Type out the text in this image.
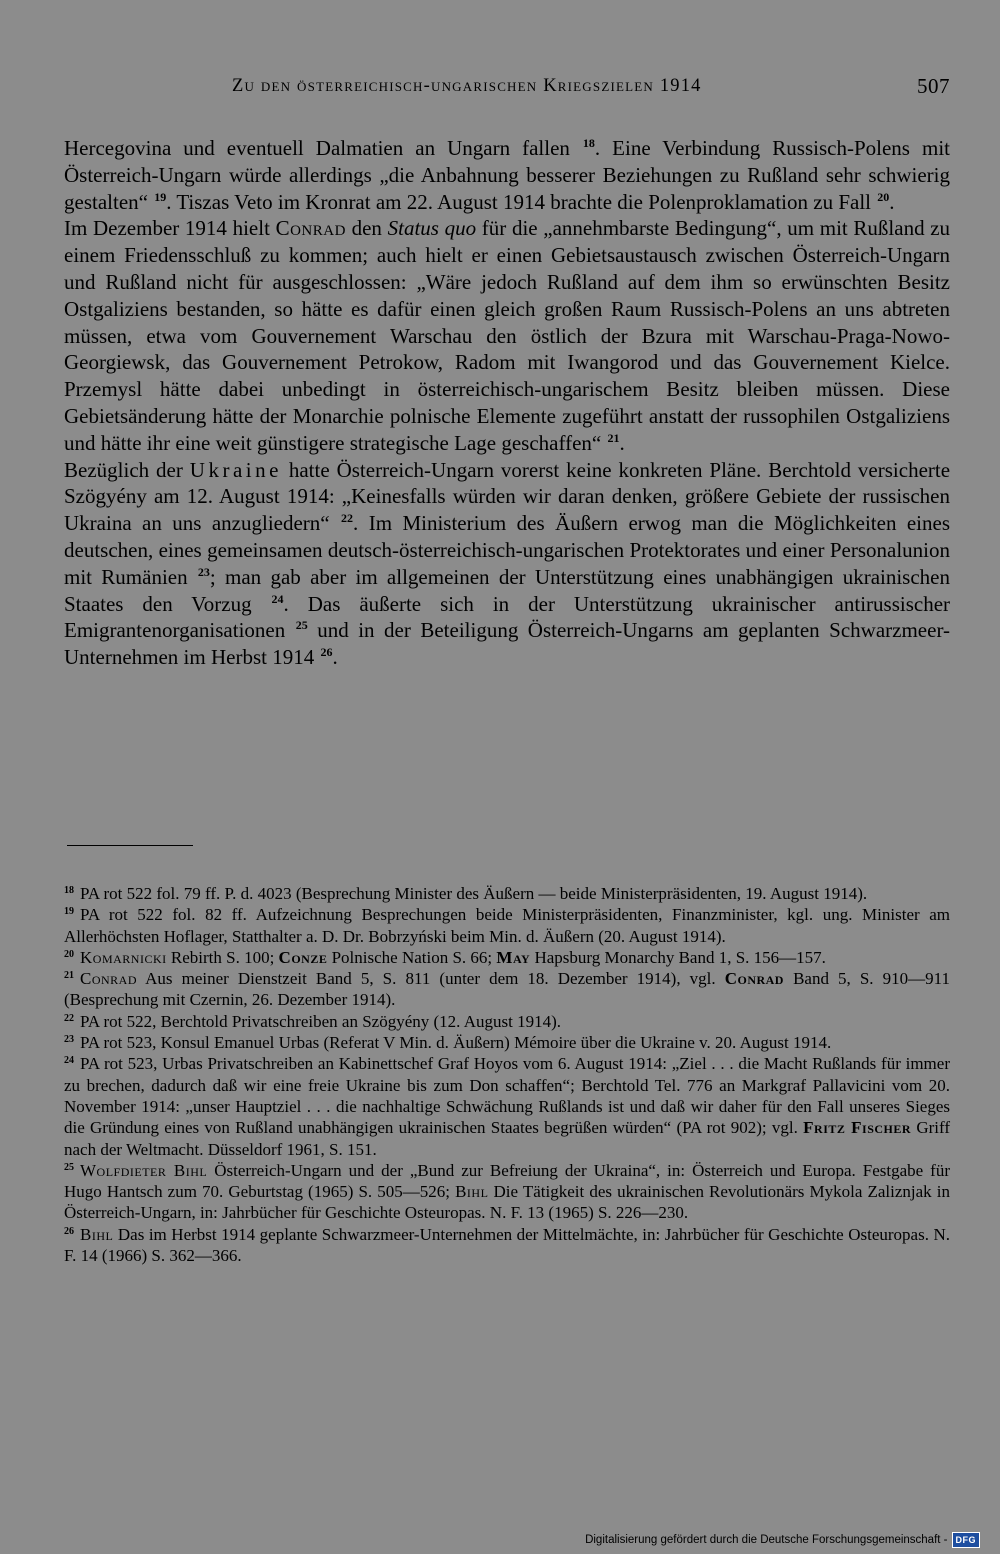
Zu den österreichisch-ungarischen Kriegszielen 1914	507

Hercegovina und eventuell Dalmatien an Ungarn fallen $^{18}$. Eine Verbindung Russisch-Polens mit Österreich-Ungarn würde allerdings „die Anbahnung besserer Beziehungen zu Rußland sehr schwierig gestalten“ $^{19}$. Tiszas Veto im Kronrat am 22. August 1914 brachte die Polenproklamation zu Fall $^{20}$.

Im Dezember 1914 hielt Conrad den Status quo für die „annehmbarste Bedingung“, um mit Rußland zu einem Friedensschluß zu kommen; auch hielt er einen Gebietsaustausch zwischen Österreich-Ungarn und Rußland nicht für ausgeschlossen: „Wäre jedoch Rußland auf dem ihm so erwünschten Besitz Ostgaliziens bestanden, so hätte es dafür einen gleich großen Raum Russisch-Polens an uns abtreten müssen, etwa vom Gouvernement Warschau den östlich der Bzura mit Warschau-Praga-Nowo-Georgiewsk, das Gouvernement Petrokow, Radom mit Iwangorod und das Gouvernement Kielce. Przemysl hätte dabei unbedingt in österreichisch-ungarischem Besitz bleiben müssen. Diese Gebietsänderung hätte der Monarchie polnische Elemente zugeführt anstatt der russophilen Ostgaliziens und hätte ihr eine weit günstigere strategische Lage geschaffen“ $^{21}$.

Bezüglich der Ukraine hatte Österreich-Ungarn vorerst keine konkreten Pläne. Berchtold versicherte Szögyény am 12. August 1914: „Keinesfalls würden wir daran denken, größere Gebiete der russischen Ukraina an uns anzugliedern“ $^{22}$. Im Ministerium des Äußern erwog man die Möglichkeiten eines deutschen, eines gemeinsamen deutsch-österreichisch-ungarischen Protektorates und einer Personalunion mit Rumänien $^{23}$; man gab aber im allgemeinen der Unterstützung eines unabhängigen ukrainischen Staates den Vorzug $^{24}$. Das äußerte sich in der Unterstützung ukrainischer antirussischer Emigrantenorganisationen $^{25}$ und in der Beteiligung Österreich-Ungarns am geplanten Schwarzmeer-Unternehmen im Herbst 1914 $^{26}$.

$^{18}$ PA rot 522 fol. 79 ff. P. d. 4023 (Besprechung Minister des Äußern — beide Ministerpräsidenten, 19. August 1914).

$^{19}$ PA rot 522 fol. 82 ff. Aufzeichnung Besprechungen beide Ministerpräsidenten, Finanzminister, kgl. ung. Minister am Allerhöchsten Hoflager, Statthalter a. D. Dr. Bobrzyński beim Min. d. Äußern (20. August 1914).

$^{20}$ Komarnicki Rebirth S. 100; Conze Polnische Nation S. 66; May Hapsburg Monarchy Band 1, S. 156—157.

$^{21}$ Conrad Aus meiner Dienstzeit Band 5, S. 811 (unter dem 18. Dezember 1914), vgl. Conrad Band 5, S. 910—911 (Besprechung mit Czernin, 26. Dezember 1914).

$^{22}$ PA rot 522, Berchtold Privatschreiben an Szögyény (12. August 1914).

$^{23}$ PA rot 523, Konsul Emanuel Urbas (Referat V Min. d. Äußern) Mémoire über die Ukraine v. 20. August 1914.

$^{24}$ PA rot 523, Urbas Privatschreiben an Kabinettschef Graf Hoyos vom 6. August 1914: „Ziel . . . die Macht Rußlands für immer zu brechen, dadurch daß wir eine freie Ukraine bis zum Don schaffen“; Berchtold Tel. 776 an Markgraf Pallavicini vom 20. November 1914: „unser Hauptziel . . . die nachhaltige Schwächung Rußlands ist und daß wir daher für den Fall unseres Sieges die Gründung eines von Rußland unabhängigen ukrainischen Staates begrüßen würden“ (PA rot 902); vgl. Fritz Fischer Griff nach der Weltmacht. Düsseldorf 1961, S. 151.

$^{25}$ Wolfdieter Bihl Österreich-Ungarn und der „Bund zur Befreiung der Ukraina“, in: Österreich und Europa. Festgabe für Hugo Hantsch zum 70. Geburtstag (1965) S. 505—526; Bihl Die Tätigkeit des ukrainischen Revolutionärs Mykola Zaliznjak in Österreich-Ungarn, in: Jahrbücher für Geschichte Osteuropas. N. F. 13 (1965) S. 226—230.

$^{26}$ Bihl Das im Herbst 1914 geplante Schwarzmeer-Unternehmen der Mittelmächte, in: Jahrbücher für Geschichte Osteuropas. N. F. 14 (1966) S. 362—366.

Digitalisierung gefördert durch die Deutsche Forschungsgemeinschaft - DFG
